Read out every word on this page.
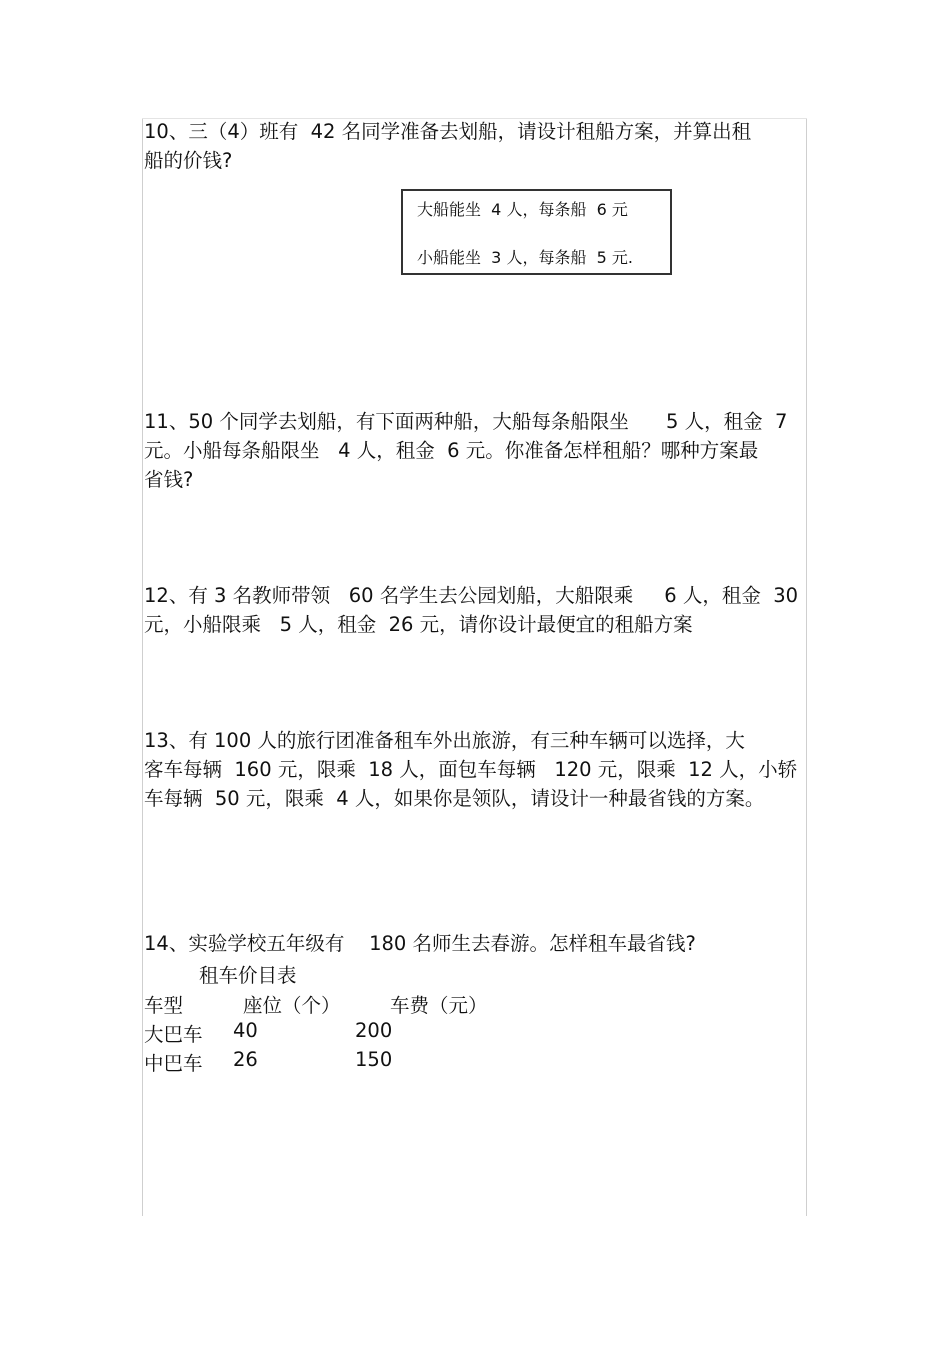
10、三（4）班有  42 名同学准备去划船，请设计租船方案，并算出租
船的价钱?
大船能坐  4 人，每条船  6 元
小船能坐  3 人，每条船  5 元.
11、50 个同学去划船，有下面两种船，大船每条船限坐      5 人，租金  7
元。小船每条船限坐   4 人，租金  6 元。你准备怎样租船？哪种方案最
省钱?
12、有 3 名教师带领   60 名学生去公园划船，大船限乘     6 人，租金  30
元，小船限乘   5 人，租金  26 元，请你设计最便宜的租船方案
13、有 100 人的旅行团准备租车外出旅游，有三种车辆可以选择，大
客车每辆  160 元，限乘  18 人，面包车每辆   120 元，限乘  12 人，小轿
车每辆  50 元，限乘  4 人，如果你是领队，请设计一种最省钱的方案。
14、实验学校五年级有    180 名师生去春游。怎样租车最省钱?
租车价目表
车型	座位（个）	车费（元）
大巴车 40	200
中巴车 26	150
